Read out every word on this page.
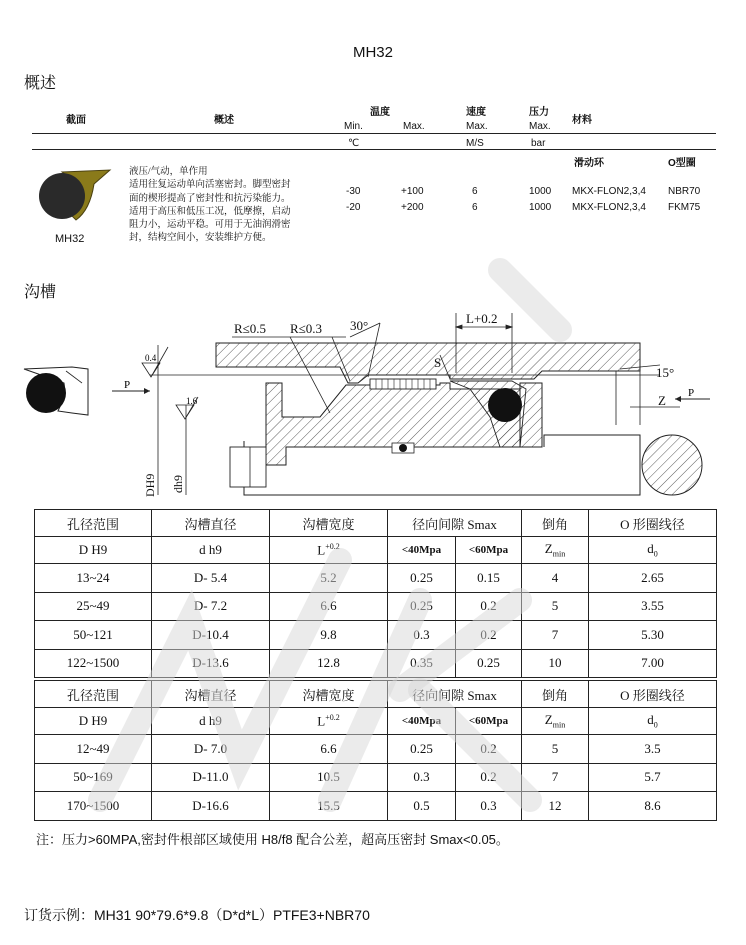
MH32
概述
截面	概述
温度	速度	压力
材料
Min.	Max.	Max.	Max.
℃	M/S	bar
滑动环	O型圈
-30	+100	6	1000 MKX-FLON2,3,4 NBR70
-20	+200	6	1000 MKX-FLON2,3,4 FKM75
MH32
液压/气动，单作用
适用往复运动单向活塞密封。脚型密封
面的楔形提高了密封性和抗污染能力。
适用于高压和低压工况，低摩擦，启动
阻力小，运动平稳。可用于无油润滑密
封，结构空间小，安装维护方便。
沟槽
0.4
1.6
P
P
R≤0.5 R≤0.3 30°	L+0.2
S
15°
Z
DH9 dh9
孔径范围	沟槽直径	沟槽宽度	径向间隙 Smax		倒角	O 形圈线径
D H9	d h9	$L^{+0.2}$	<40Mpa	<60Mpa	$Z_{min}$	$d_0$
13~24	D- 5.4	5.2	0.25	0.15	4	2.65
25~49	D- 7.2	6.6	0.25	0.2	5	3.55
50~121	D-10.4	9.8	0.3	0.2	7	5.30
122~1500	D-13.6	12.8	0.35	0.25	10	7.00
孔径范围	沟槽直径	沟槽宽度	径向间隙 Smax		倒角	O 形圈线径
D H9	d h9	$L^{+0.2}$	<40Mpa	<60Mpa	$Z_{min}$	$d_0$
12~49	D- 7.0	6.6	0.25	0.2	5	3.5
50~169	D-11.0	10.5	0.3	0.2	7	5.7
170~1500	D-16.6	15.5	0.5	0.3	12	8.6
注：压力>60MPA,密封件根部区域使用 H8/f8 配合公差，超高压密封 Smax<0.05。
订货示例：MH31 90*79.6*9.8（D*d*L）PTFE3+NBR70
